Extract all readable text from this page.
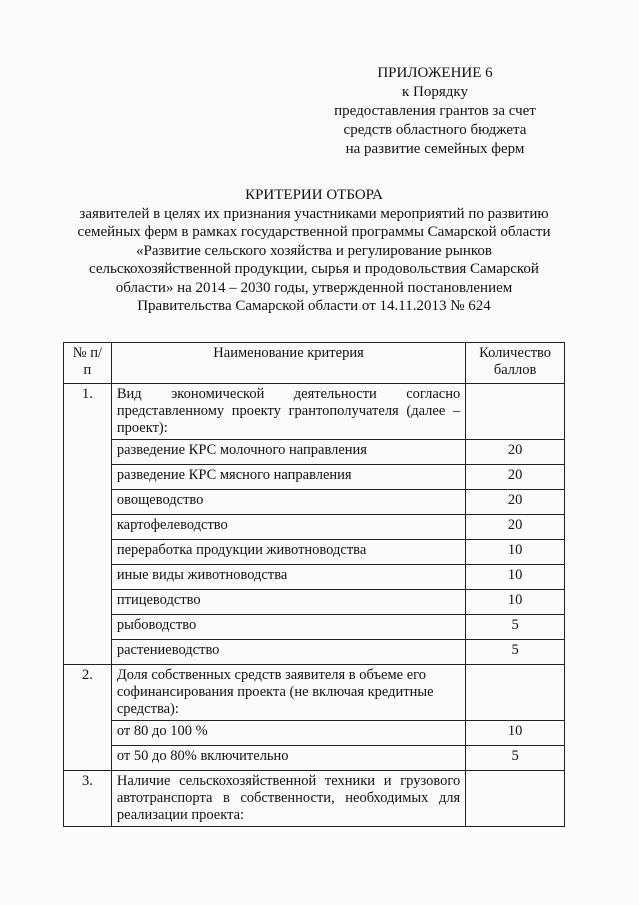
ПРИЛОЖЕНИЕ 6
к Порядку
предоставления грантов за счет
средств областного бюджета
на развитие семейных ферм
КРИТЕРИИ ОТБОРА
заявителей в целях их признания участниками мероприятий по развитию
семейных ферм в рамках государственной программы Самарской области
«Развитие сельского хозяйства и регулирование рынков
сельскохозяйственной продукции, сырья и продовольствия Самарской
области» на 2014 – 2030 годы, утвержденной постановлением
Правительства Самарской области от 14.11.2013 № 624
№ п/п	Наименование критерия	Количество баллов
1.	Вид экономической деятельности согласно представленному проекту грантополучателя (далее – проект):	
	разведение КРС молочного направления	20
	разведение КРС мясного направления	20
	овощеводство	20
	картофелеводство	20
	переработка продукции животноводства	10
	иные виды животноводства	10
	птицеводство	10
	рыбоводство	5
	растениеводство	5
2.	Доля собственных средств заявителя в объеме его софинансирования проекта (не включая кредитные средства):	
	от 80 до 100 %	10
	от 50 до 80% включительно	5
3.	Наличие сельскохозяйственной техники и грузового автотранспорта в собственности, необходимых для реализации проекта:	
